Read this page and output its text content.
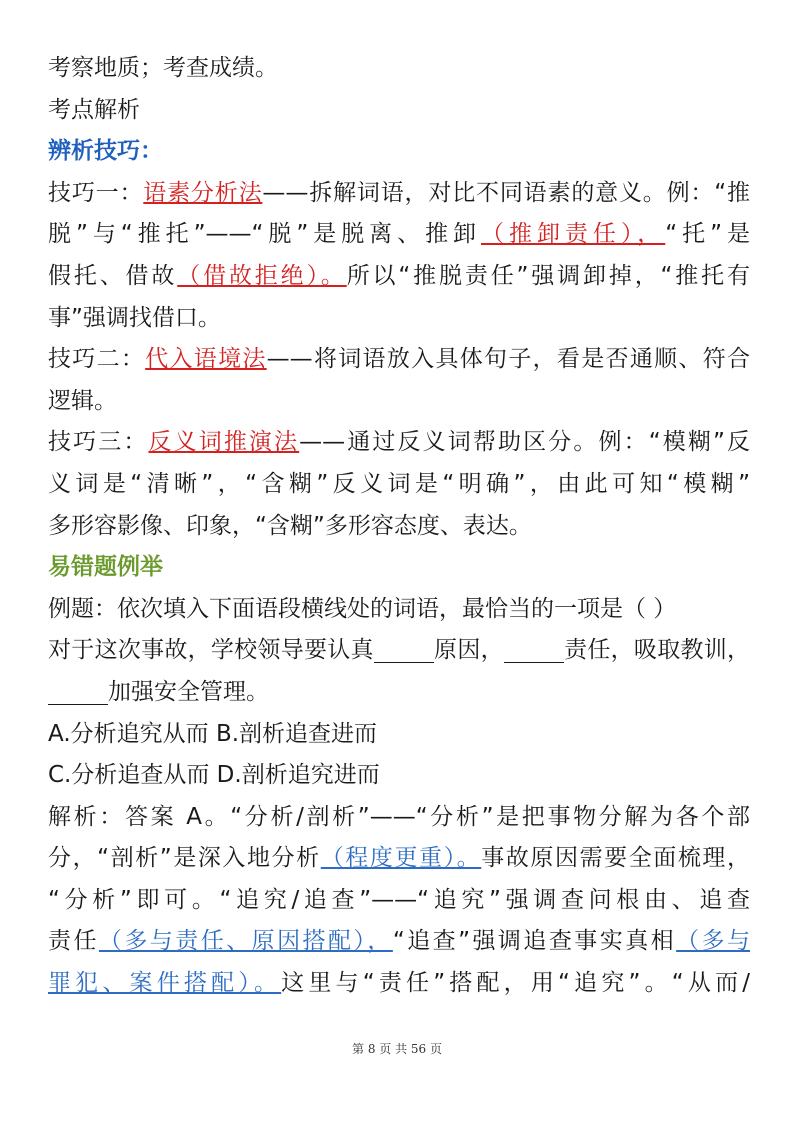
考察地质；考查成绩。
考点解析
辨析技巧：
技巧一：语素分析法——拆解词语，对比不同语素的意义。例：“推
脱”与“推托”——“脱”是脱离、推卸（推卸责任），“托”是
假托、借故（借故拒绝）。所以“推脱责任”强调卸掉，“推托有
事”强调找借口。
技巧二：代入语境法——将词语放入具体句子，看是否通顺、符合
逻辑。
技巧三：反义词推演法——通过反义词帮助区分。例：“模糊”反
义词是“清晰”，“含糊”反义词是“明确”，由此可知“模糊”
多形容影像、印象，“含糊”多形容态度、表达。
易错题例举
例题：依次填入下面语段横线处的词语，最恰当的一项是（ ）
对于这次事故，学校领导要认真	原因，	责任，吸取教训，
加强安全管理。
A.分析追究从而 B.剖析追查进而
C.分析追查从而 D.剖析追究进而
解析：答案 A。“分析/剖析”——“分析”是把事物分解为各个部
分，“剖析”是深入地分析（程度更重）。事故原因需要全面梳理，
“分析”即可。“追究/追查”——“追究”强调查问根由、追查
责任（多与责任、原因搭配），“追查”强调追查事实真相（多与
罪犯、案件搭配）。这里与“责任”搭配，用“追究”。“从而/
第 8 页 共 56 页
